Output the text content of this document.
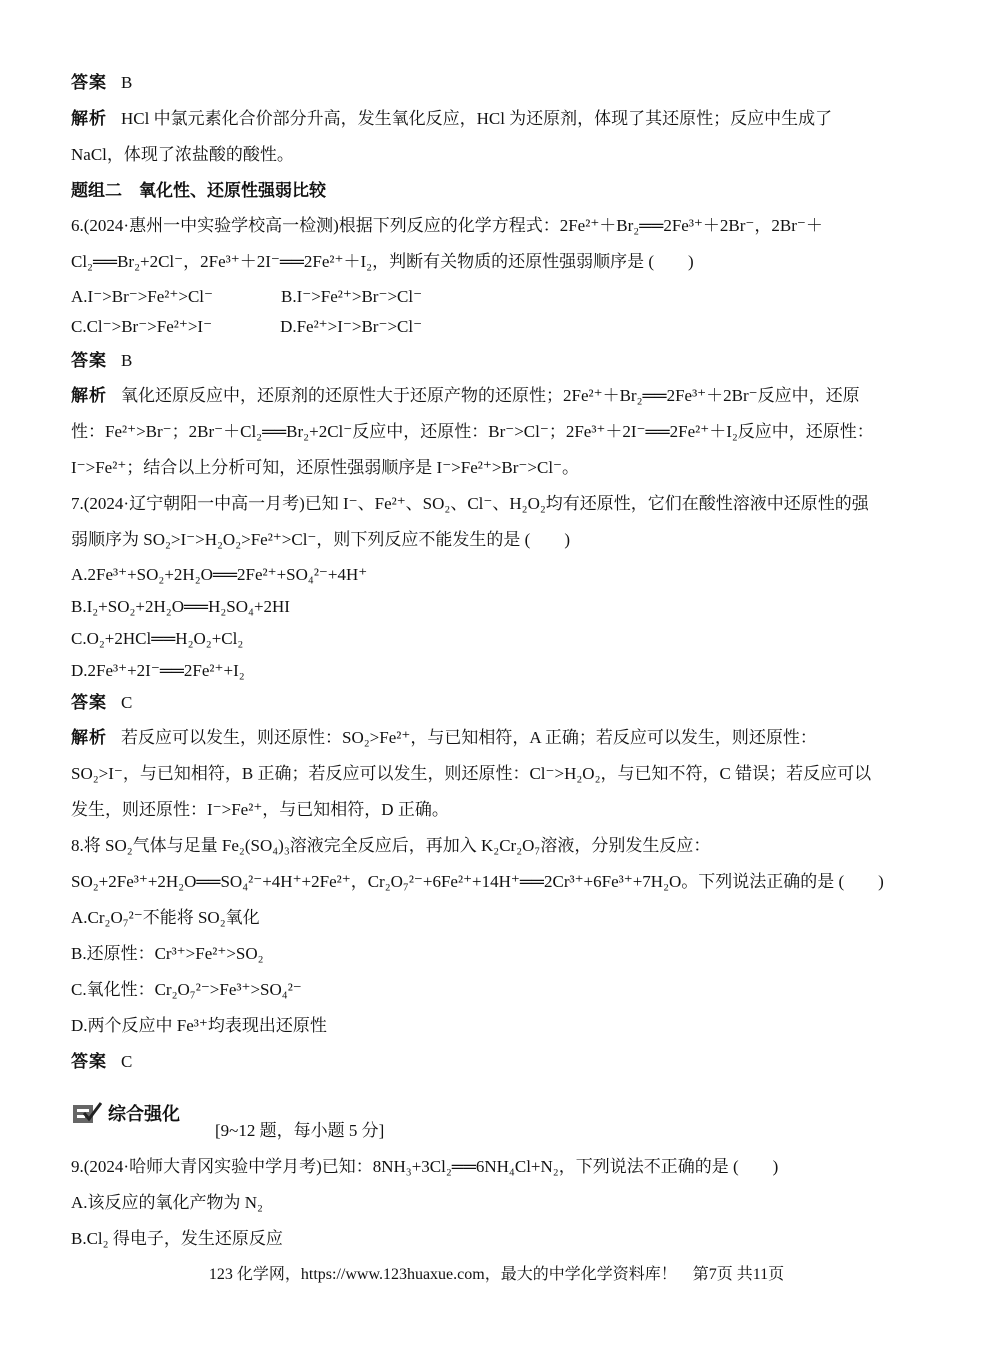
答案 B
解析 HCl 中氯元素化合价部分升高，发生氧化反应，HCl 为还原剂，体现了其还原性；反应中生成了
NaCl，体现了浓盐酸的酸性。
题组二　氧化性、还原性强弱比较
6.(2024·惠州一中实验学校高一检测)根据下列反应的化学方程式：2Fe²⁺＋Br₂══2Fe³⁺＋2Br⁻，2Br⁻＋
Cl₂══Br₂+2Cl⁻，2Fe³⁺＋2I⁻══2Fe²⁺＋I₂，判断有关物质的还原性强弱顺序是 (　　)
A.I⁻>Br⁻>Fe²⁺>Cl⁻　　　　B.I⁻>Fe²⁺>Br⁻>Cl⁻
C.Cl⁻>Br⁻>Fe²⁺>I⁻　　　　D.Fe²⁺>I⁻>Br⁻>Cl⁻
答案 B
解析 氧化还原反应中，还原剂的还原性大于还原产物的还原性；2Fe²⁺＋Br₂══2Fe³⁺＋2Br⁻反应中，还原
性：Fe²⁺>Br⁻；2Br⁻＋Cl₂══Br₂+2Cl⁻反应中，还原性：Br⁻>Cl⁻；2Fe³⁺＋2I⁻══2Fe²⁺＋I₂反应中，还原性：
I⁻>Fe²⁺；结合以上分析可知，还原性强弱顺序是 I⁻>Fe²⁺>Br⁻>Cl⁻。
7.(2024·辽宁朝阳一中高一月考)已知 I⁻、Fe²⁺、SO₂、Cl⁻、H₂O₂均有还原性，它们在酸性溶液中还原性的强
弱顺序为 SO₂>I⁻>H₂O₂>Fe²⁺>Cl⁻，则下列反应不能发生的是 (　　)
A.2Fe³⁺+SO₂+2H₂O══2Fe²⁺+SO₄²⁻+4H⁺
B.I₂+SO₂+2H₂O══H₂SO₄+2HI
C.O₂+2HCl══H₂O₂+Cl₂
D.2Fe³⁺+2I⁻══2Fe²⁺+I₂
答案 C
解析 若反应可以发生，则还原性：SO₂>Fe²⁺，与已知相符，A 正确；若反应可以发生，则还原性：
SO₂>I⁻，与已知相符，B 正确；若反应可以发生，则还原性：Cl⁻>H₂O₂，与已知不符，C 错误；若反应可以
发生，则还原性：I⁻>Fe²⁺，与已知相符，D 正确。
8.将 SO₂气体与足量 Fe₂(SO₄)₃溶液完全反应后，再加入 K₂Cr₂O₇溶液，分别发生反应：
SO₂+2Fe³⁺+2H₂O══SO₄²⁻+4H⁺+2Fe²⁺，Cr₂O₇²⁻+6Fe²⁺+14H⁺══2Cr³⁺+6Fe³⁺+7H₂O。下列说法正确的是 (　　)
A.Cr₂O₇²⁻不能将 SO₂氧化
B.还原性：Cr³⁺>Fe²⁺>SO₂
C.氧化性：Cr₂O₇²⁻>Fe³⁺>SO₄²⁻
D.两个反应中 Fe³⁺均表现出还原性
答案 C
9.(2024·哈师大青冈实验中学月考)已知：8NH₃+3Cl₂══6NH₄Cl+N₂，下列说法不正确的是 (　　)
A.该反应的氧化产物为 N₂
B.Cl₂ 得电子，发生还原反应
综合强化
[9~12 题，每小题 5 分]
123 化学网，https://www.123huaxue.com，最大的中学化学资料库！　第7页 共11页
